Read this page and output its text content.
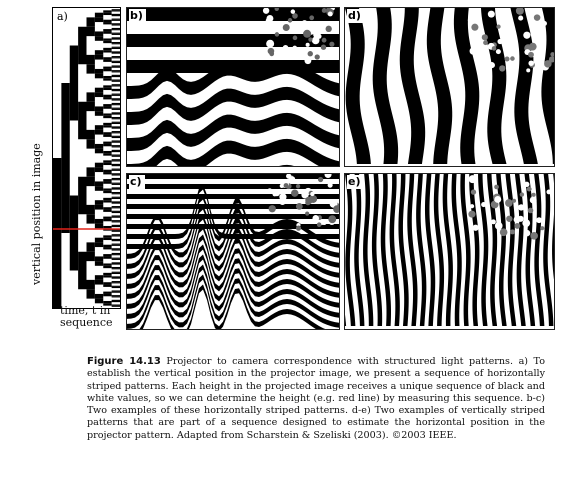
a)
vertical position in image
time, t in
sequence
b)
c)
d)
e)
Figure 14.13 Projector to camera correspondence with structured light patterns. a) To establish the vertical position in the projector image, we present a sequence of horizontally striped patterns. Each height in the projected image receives a unique sequence of black and white values, so we can determine the height (e.g. red line) by measuring this sequence. b-c) Two examples of these horizontally striped patterns. d-e) Two examples of vertically striped patterns that are part of a sequence designed to estimate the horizontal position in the projector pattern. Adapted from Scharstein & Szeliski (2003). ©2003 IEEE.
